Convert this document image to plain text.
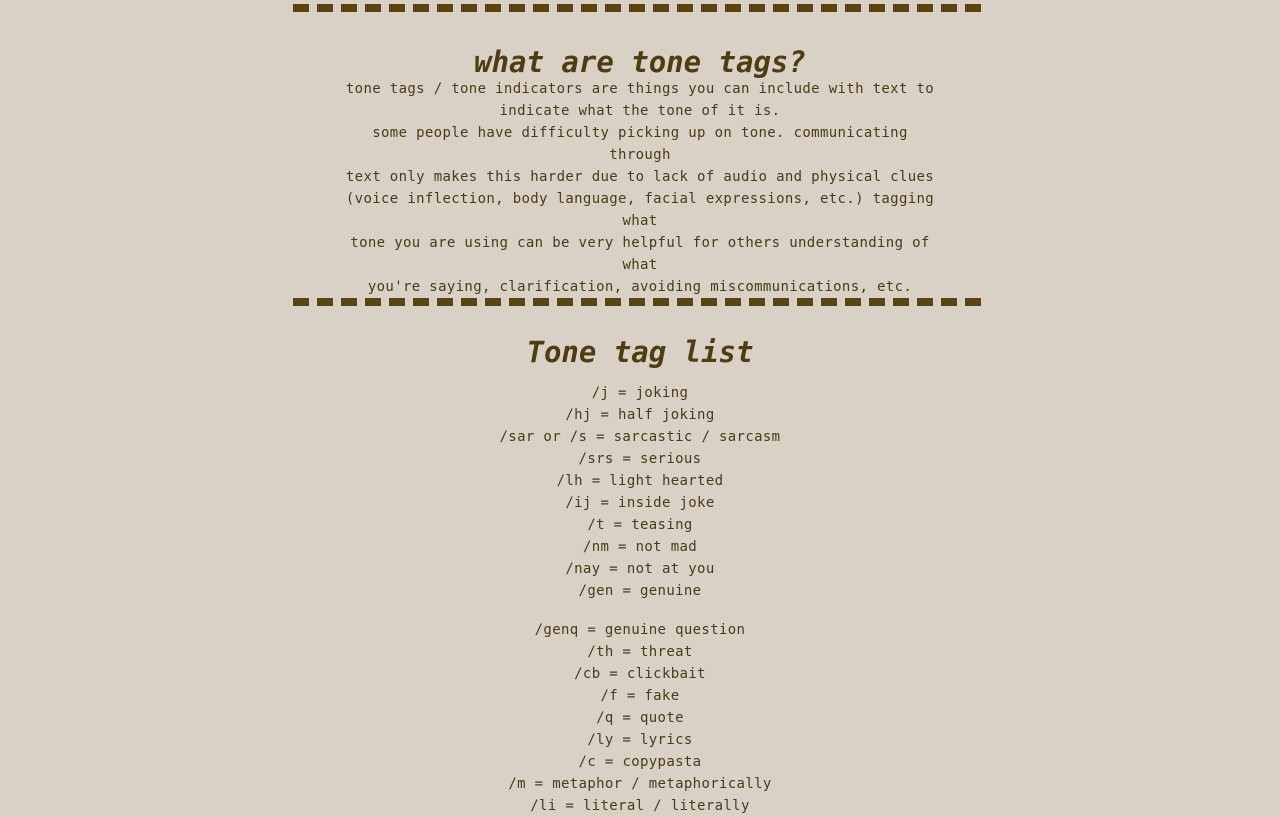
what are tone tags?

tone tags / tone indicators are things you can include with text to
indicate what the tone of it is.

some people have difficulty picking up on tone. communicating through
text only makes this harder due to lack of audio and physical clues
(voice inflection, body language, facial expressions, etc.) tagging what
tone you are using can be very helpful for others understanding of what
you're saying, clarification, avoiding miscommunications, etc.

Tone tag list
/j = joking
/hj = half joking
/sar or /s = sarcastic / sarcasm
/srs = serious
/lh = light hearted
/ij = inside joke
/t = teasing
/nm = not mad
/nay = not at you
/gen = genuine
/genq = genuine question
/th = threat
/cb = clickbait
/f = fake
/q = quote
/ly = lyrics
/c = copypasta
/m = metaphor / metaphorically
/li = literal / literally
